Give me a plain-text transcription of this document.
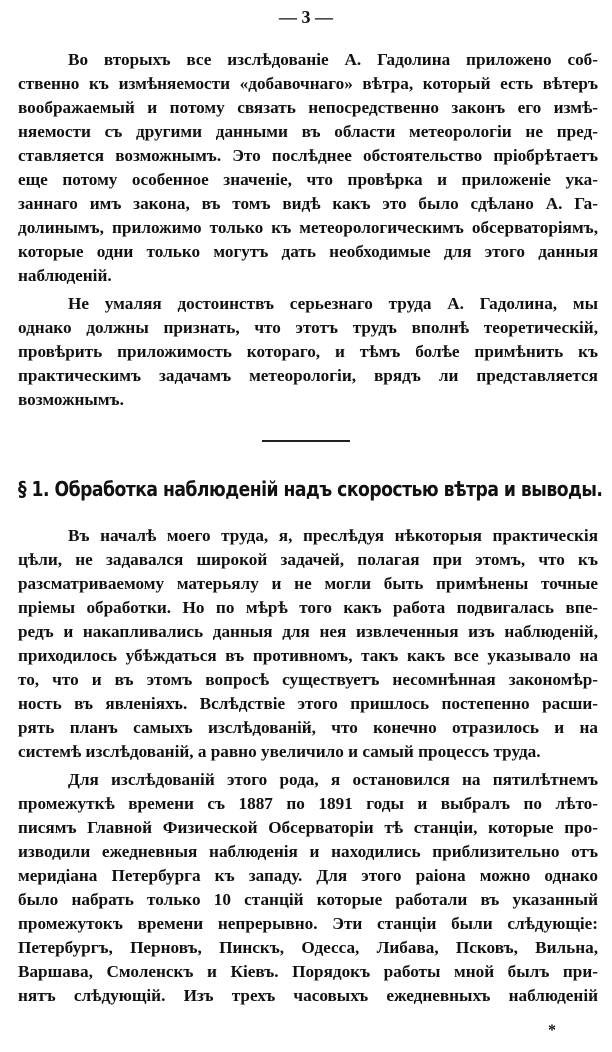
— 3 —
Во вторыхъ все изслѣдованіе А. Гадолина приложено соб-
ственно къ измѣняемости «добавочнаго» вѣтра, который есть вѣтеръ
воображаемый и потому связать непосредственно законъ его измѣ-
няемости съ другими данными въ области метеорологіи не пред-
ставляется возможнымъ. Это послѣднее обстоятельство пріобрѣтаетъ
еще потому особенное значеніе, что провѣрка и приложеніе ука-
заннаго имъ закона, въ томъ видѣ какъ это было сдѣлано А. Га-
долинымъ, приложимо только къ метеорологическимъ обсерваторіямъ,
которые одни только могутъ дать необходимые для этого данныя
наблюденій.
Не умаляя достоинствъ серьезнаго труда А. Гадолина, мы
однако должны признать, что этотъ трудъ вполнѣ теоретическій,
провѣрить приложимость котораго, и тѣмъ болѣе примѣнить къ
практическимъ задачамъ метеорологіи, врядъ ли представляется
возможнымъ.
§ 1. Обработка наблюденій надъ скоростью вѣтра и выводы.
Въ началѣ моего труда, я, преслѣдуя нѣкоторыя практическія
цѣли, не задавался широкой задачей, полагая при этомъ, что къ
разсматриваемому матерьялу и не могли быть примѣнены точные
пріемы обработки. Но по мѣрѣ того какъ работа подвигалась впе-
редъ и накапливались данныя для нея извлеченныя изъ наблюденій,
приходилось убѣждаться въ противномъ, такъ какъ все указывало на
то, что и въ этомъ вопросѣ существуетъ несомнѣнная закономѣр-
ность въ явленіяхъ. Вслѣдствіе этого пришлось постепенно расши-
рять планъ самыхъ изслѣдованій, что конечно отразилось и на
системѣ изслѣдованій, а равно увеличило и самый процессъ труда.
Для изслѣдованій этого рода, я остановился на пятилѣтнемъ
промежуткѣ времени съ 1887 по 1891 годы и выбралъ по лѣто-
писямъ Главной Физической Обсерваторіи тѣ станціи, которые про-
изводили ежедневныя наблюденія и находились приблизительно отъ
меридіана Петербурга къ западу. Для этого раіона можно однако
было набрать только 10 станцій которые работали въ указанный
промежутокъ времени непрерывно. Эти станціи были слѣдующіе:
Петербургъ, Перновъ, Пинскъ, Одесса, Либава, Псковъ, Вильна,
Варшава, Смоленскъ и Кіевъ. Порядокъ работы мной былъ при-
нятъ слѣдующій. Изъ трехъ часовыхъ ежедневныхъ наблюденій
*
